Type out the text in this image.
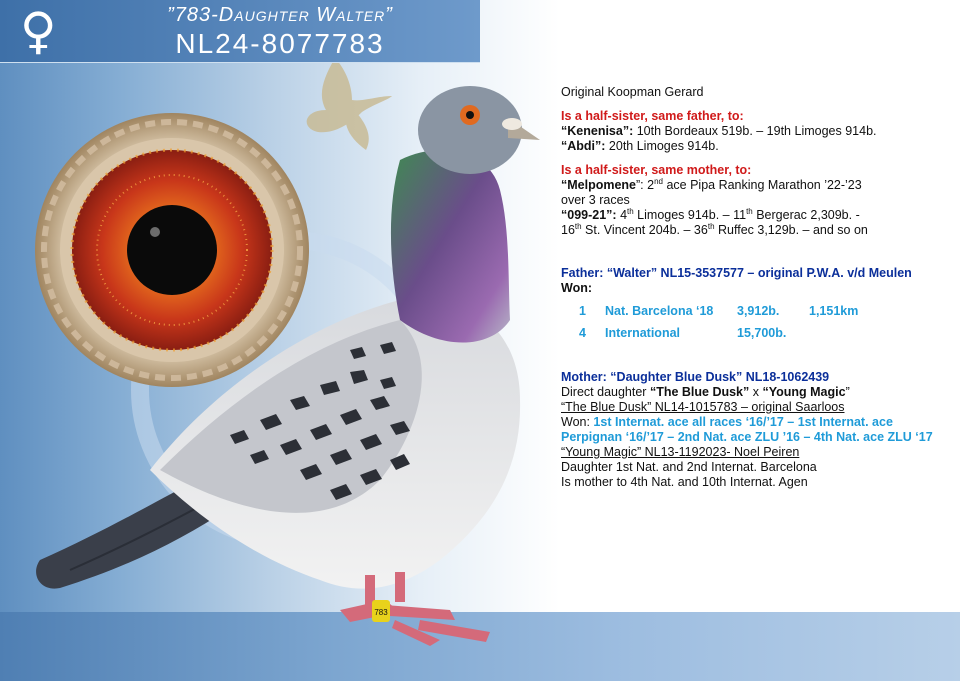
783
♀	”783-Daughter Walter”
NL24-8077783

Original Koopman Gerard

Is a half-sister, same father, to:

“Kenenisa”: 10th Bordeaux 519b. – 19th Limoges 914b.

“Abdi”: 20th Limoges 914b.

Is a half-sister, same mother, to:

“Melpomene”: 2nd ace Pipa Ranking Marathon ’22-’23

over 3 races

“099-21”: 4th Limoges 914b. – 11th Bergerac 2,309b. -

16th St. Vincent 204b. – 36th Ruffec 3,129b. – and so on

Father: “Walter” NL15-3537577 – original P.W.A. v/d Meulen

Won:

1	Nat. Barcelona ‘18	3,912b.	1,151km
4	International	15,700b.	

Mother: “Daughter Blue Dusk” NL18-1062439

Direct daughter “The Blue Dusk” x “Young Magic”

“The Blue Dusk” NL14-1015783 – original Saarloos

Won: 1st Internat. ace all races ‘16/’17 – 1st Internat. ace Perpignan ‘16/’17 – 2nd Nat. ace ZLU ’16 – 4th Nat. ace ZLU ‘17

“Young Magic” NL13-1192023- Noel Peiren

Daughter 1st Nat. and 2nd Internat. Barcelona

Is mother to 4th Nat. and 10th Internat. Agen
